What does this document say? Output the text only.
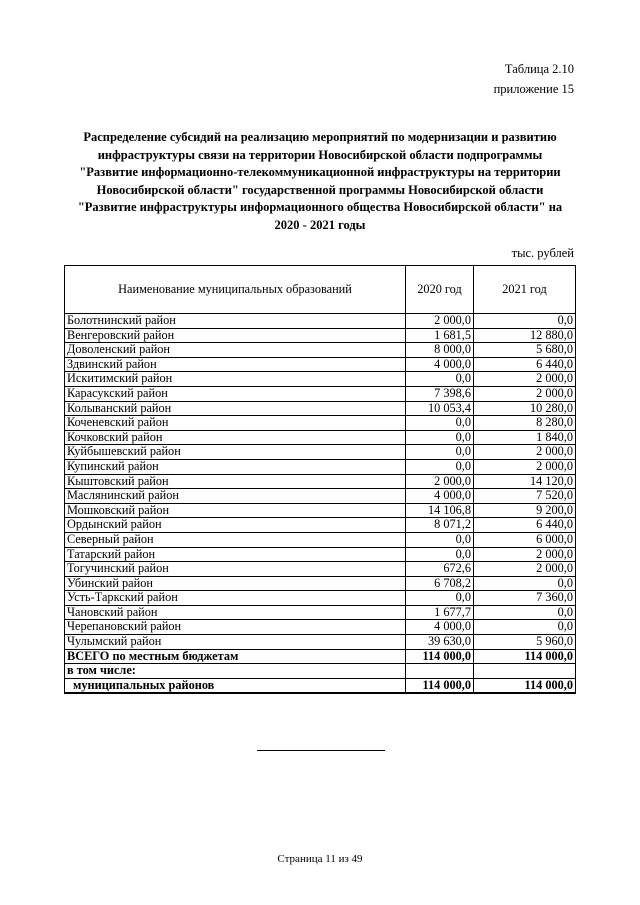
Таблица 2.10
приложение 15
Распределение субсидий на реализацию мероприятий по модернизации и развитию
инфраструктуры связи на территории Новосибирской области подпрограммы
"Развитие информационно-телекоммуникационной инфраструктуры на территории
Новосибирской области" государственной программы Новосибирской области
"Развитие инфраструктуры информационного общества Новосибирской области" на
2020 - 2021 годы
тыс. рублей
Наименование муниципальных образований	2020 год	2021 год
Болотнинский район	2 000,0	0,0
Венгеровский район	1 681,5	12 880,0
Доволенский район	8 000,0	5 680,0
Здвинский район	4 000,0	6 440,0
Искитимский район	0,0	2 000,0
Карасукский район	7 398,6	2 000,0
Колыванский район	10 053,4	10 280,0
Коченевский район	0,0	8 280,0
Кочковский район	0,0	1 840,0
Куйбышевский район	0,0	2 000,0
Купинский район	0,0	2 000,0
Кыштовский район	2 000,0	14 120,0
Маслянинский район	4 000,0	7 520,0
Мошковский район	14 106,8	9 200,0
Ордынский район	8 071,2	6 440,0
Северный район	0,0	6 000,0
Татарский район	0,0	2 000,0
Тогучинский район	672,6	2 000,0
Убинский район	6 708,2	0,0
Усть-Таркский район	0,0	7 360,0
Чановский район	1 677,7	0,0
Черепановский район	4 000,0	0,0
Чулымский район	39 630,0	5 960,0
ВСЕГО по местным бюджетам	114 000,0	114 000,0
в том числе:		
муниципальных районов	114 000,0	114 000,0
Страница 11 из 49
